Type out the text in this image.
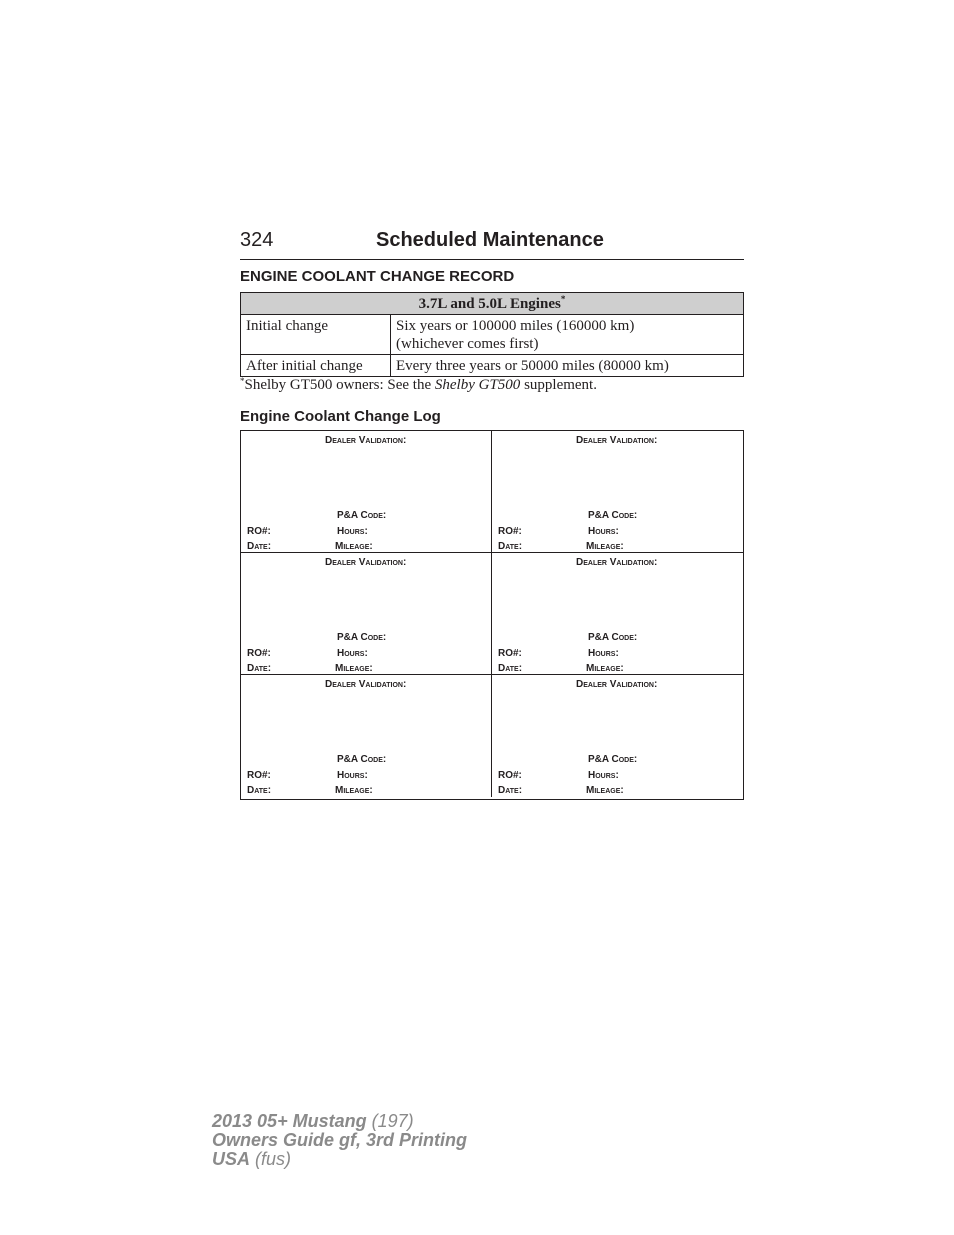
324	Scheduled Maintenance
ENGINE COOLANT CHANGE RECORD
3.7L and 5.0L Engines*
Initial change	Six years or 100000 miles (160000 km)
(whichever comes first)
After initial change	Every three years or 50000 miles (80000 km)
*Shelby GT500 owners: See the Shelby GT500 supplement.
Engine Coolant Change Log
Dealer Validation:
P&A Code:
RO#:	Hours:
Date:	Mileage:
Dealer Validation:
P&A Code:
RO#:	Hours:
Date:	Mileage:
Dealer Validation:
P&A Code:
RO#:	Hours:
Date:	Mileage:
Dealer Validation:
P&A Code:
RO#:	Hours:
Date:	Mileage:
Dealer Validation:
P&A Code:
RO#:	Hours:
Date:	Mileage:
Dealer Validation:
P&A Code:
RO#:	Hours:
Date:	Mileage:
2013 05+ Mustang (197)
Owners Guide gf, 3rd Printing
USA (fus)
